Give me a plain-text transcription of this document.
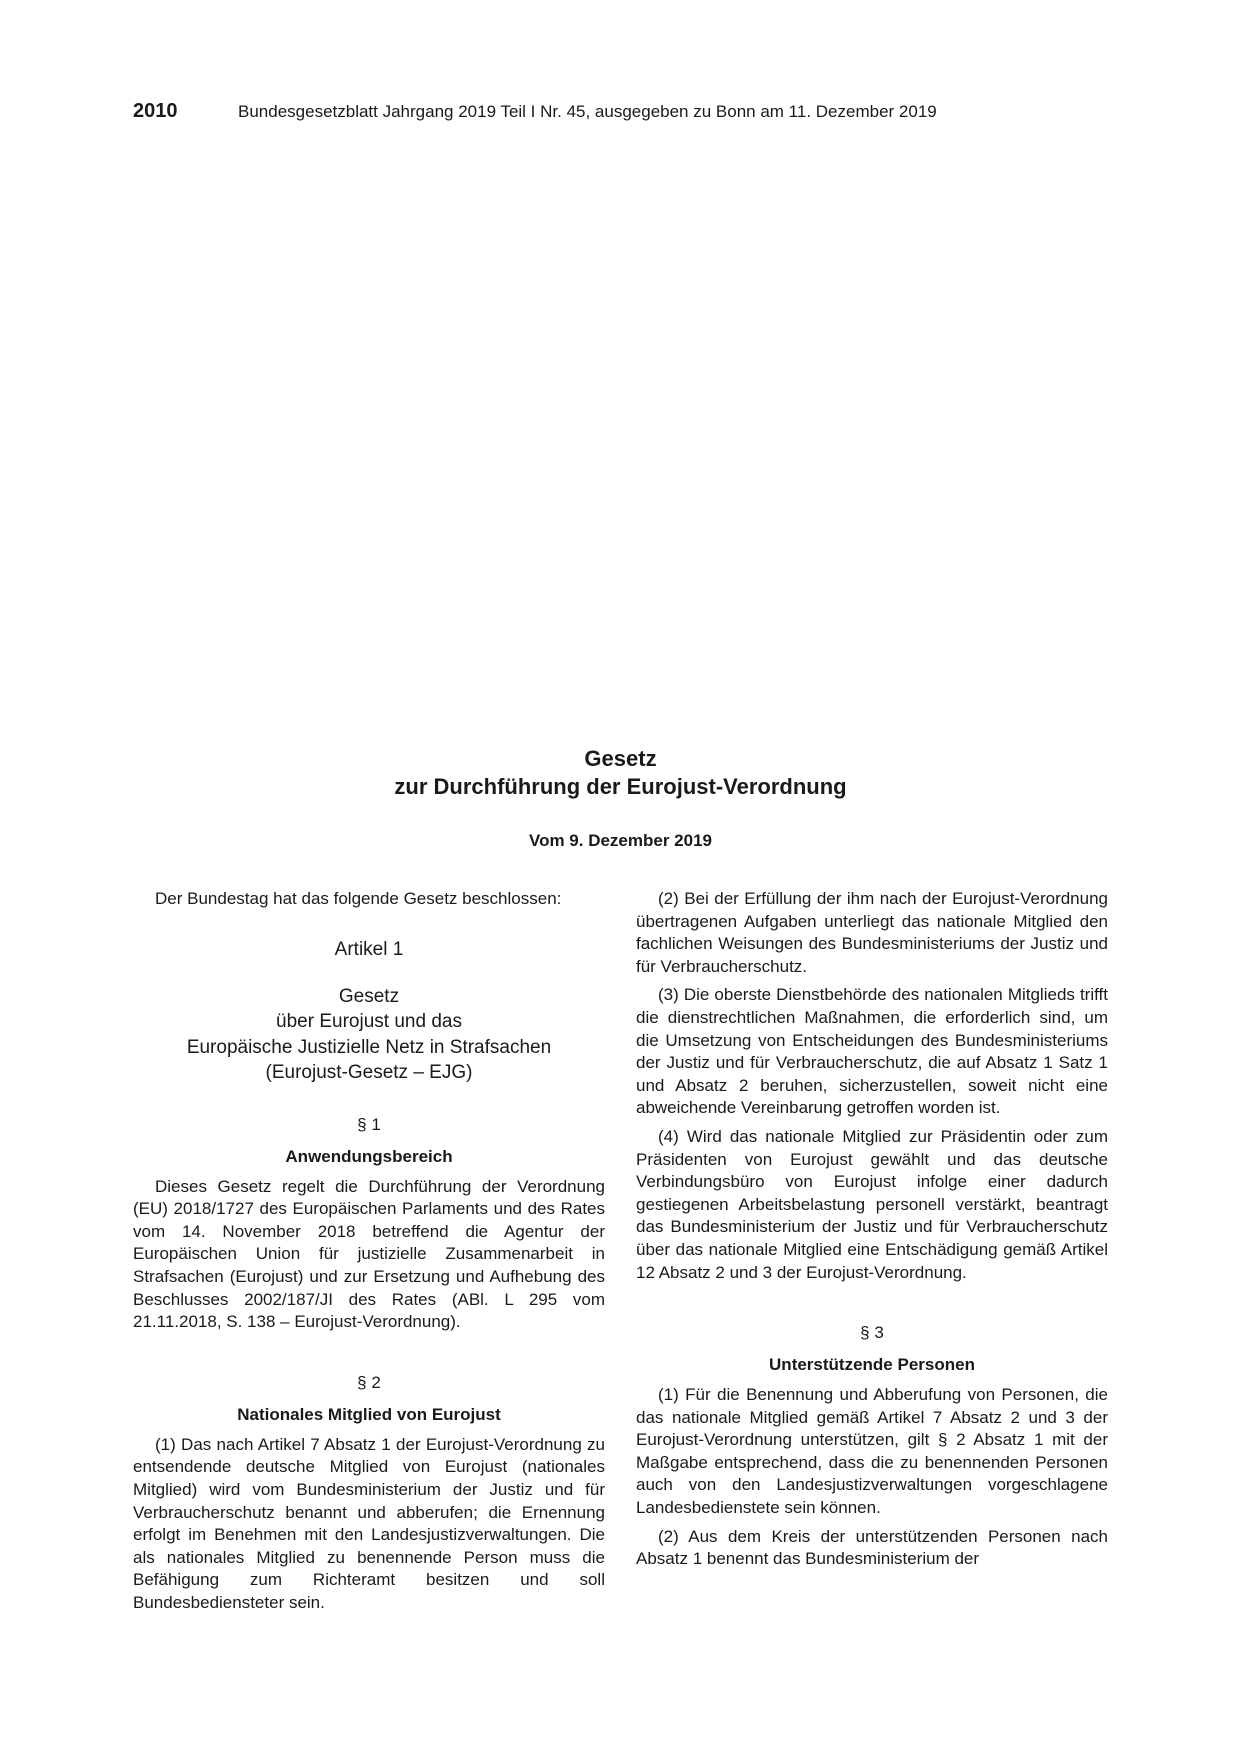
2010	Bundesgesetzblatt Jahrgang 2019 Teil I Nr. 45, ausgegeben zu Bonn am 11. Dezember 2019
Gesetz
zur Durchführung der Eurojust-Verordnung
Vom 9. Dezember 2019

Der Bundestag hat das folgende Gesetz beschlossen:

Artikel 1
Gesetz
über Eurojust und das
Europäische Justizielle Netz in Strafsachen
(Eurojust-Gesetz – EJG)
§ 1
Anwendungsbereich

Dieses Gesetz regelt die Durchführung der Verordnung (EU) 2018/1727 des Europäischen Parlaments und des Rates vom 14. November 2018 betreffend die Agentur der Europäischen Union für justizielle Zusammenarbeit in Strafsachen (Eurojust) und zur Ersetzung und Aufhebung des Beschlusses 2002/187/JI des Rates (ABl. L 295 vom 21.11.2018, S. 138 – Eurojust-Verordnung).

§ 2
Nationales Mitglied von Eurojust

(1) Das nach Artikel 7 Absatz 1 der Eurojust-Verordnung zu entsendende deutsche Mitglied von Eurojust (nationales Mitglied) wird vom Bundesministerium der Justiz und für Verbraucherschutz benannt und abberufen; die Ernennung erfolgt im Benehmen mit den Landesjustizverwaltungen. Die als nationales Mitglied zu benennende Person muss die Befähigung zum Richteramt besitzen und soll Bundesbediensteter sein.

(2) Bei der Erfüllung der ihm nach der Eurojust-Verordnung übertragenen Aufgaben unterliegt das nationale Mitglied den fachlichen Weisungen des Bundesministeriums der Justiz und für Verbraucherschutz.

(3) Die oberste Dienstbehörde des nationalen Mitglieds trifft die dienstrechtlichen Maßnahmen, die erforderlich sind, um die Umsetzung von Entscheidungen des Bundesministeriums der Justiz und für Verbraucherschutz, die auf Absatz 1 Satz 1 und Absatz 2 beruhen, sicherzustellen, soweit nicht eine abweichende Vereinbarung getroffen worden ist.

(4) Wird das nationale Mitglied zur Präsidentin oder zum Präsidenten von Eurojust gewählt und das deutsche Verbindungsbüro von Eurojust infolge einer dadurch gestiegenen Arbeitsbelastung personell verstärkt, beantragt das Bundesministerium der Justiz und für Verbraucherschutz über das nationale Mitglied eine Entschädigung gemäß Artikel 12 Absatz 2 und 3 der Eurojust-Verordnung.

§ 3
Unterstützende Personen

(1) Für die Benennung und Abberufung von Personen, die das nationale Mitglied gemäß Artikel 7 Absatz 2 und 3 der Eurojust-Verordnung unterstützen, gilt § 2 Absatz 1 mit der Maßgabe entsprechend, dass die zu benennenden Personen auch von den Landesjustizverwaltungen vorgeschlagene Landesbedienstete sein können.

(2) Aus dem Kreis der unterstützenden Personen nach Absatz 1 benennt das Bundesministerium der
